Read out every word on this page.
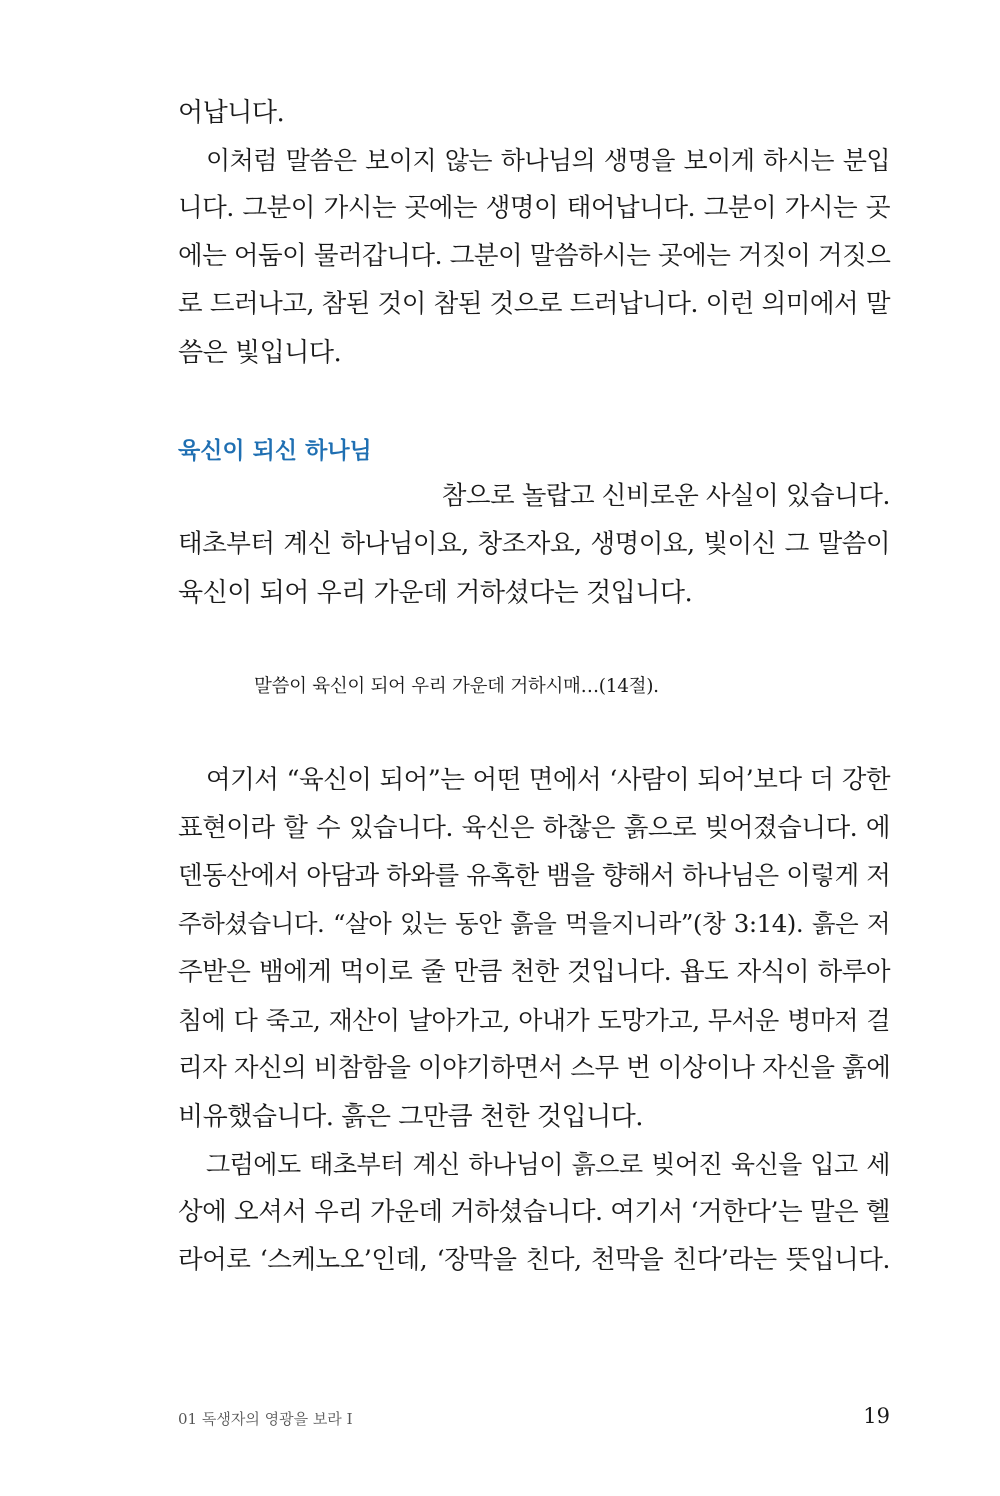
어납니다.
이처럼 말씀은 보이지 않는 하나님의 생명을 보이게 하시는 분입
니다. 그분이 가시는 곳에는 생명이 태어납니다. 그분이 가시는 곳
에는 어둠이 물러갑니다. 그분이 말씀하시는 곳에는 거짓이 거짓으
로 드러나고, 참된 것이 참된 것으로 드러납니다. 이런 의미에서 말
씀은 빛입니다.
육신이 되신 하나님
참으로 놀랍고 신비로운 사실이 있습니다.
태초부터 계신 하나님이요, 창조자요, 생명이요, 빛이신 그 말씀이
육신이 되어 우리 가운데 거하셨다는 것입니다.
말씀이 육신이 되어 우리 가운데 거하시매…(14절).
여기서 “육신이 되어”는 어떤 면에서 ‘사람이 되어’보다 더 강한
표현이라 할 수 있습니다. 육신은 하찮은 흙으로 빚어졌습니다. 에
덴동산에서 아담과 하와를 유혹한 뱀을 향해서 하나님은 이렇게 저
주하셨습니다. “살아 있는 동안 흙을 먹을지니라”(창 3:14). 흙은 저
주받은 뱀에게 먹이로 줄 만큼 천한 것입니다. 욥도 자식이 하루아
침에 다 죽고, 재산이 날아가고, 아내가 도망가고, 무서운 병마저 걸
리자 자신의 비참함을 이야기하면서 스무 번 이상이나 자신을 흙에
비유했습니다. 흙은 그만큼 천한 것입니다.
그럼에도 태초부터 계신 하나님이 흙으로 빚어진 육신을 입고 세
상에 오셔서 우리 가운데 거하셨습니다. 여기서 ‘거한다’는 말은 헬
라어로 ‘스케노오’인데, ‘장막을 친다, 천막을 친다’라는 뜻입니다.
01 독생자의 영광을 보라 Ⅰ	19
